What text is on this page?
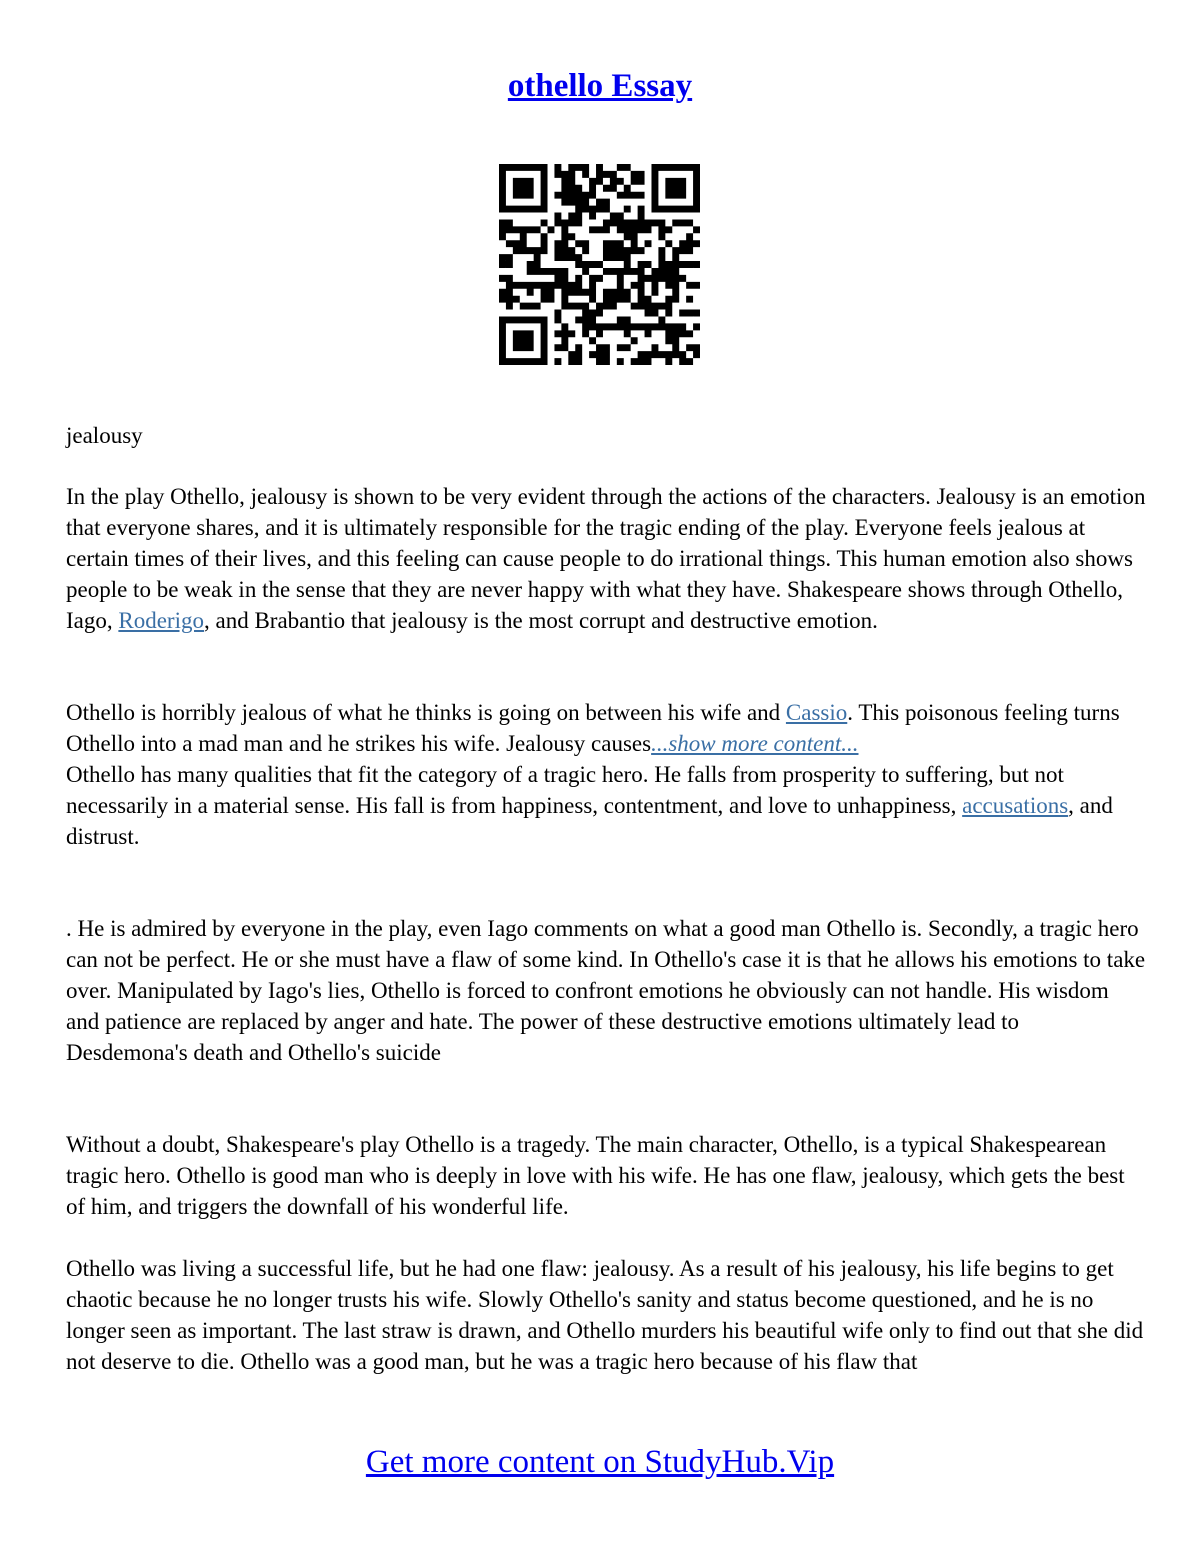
othello Essay

jealousy

In the play Othello, jealousy is shown to be very evident through the actions of the characters. Jealousy is an emotion that everyone shares, and it is ultimately responsible for the tragic ending of the play. Everyone feels jealous at certain times of their lives, and this feeling can cause people to do irrational things. This human emotion also shows people to be weak in the sense that they are never happy with what they have. Shakespeare shows through Othello, Iago, Roderigo, and Brabantio that jealousy is the most corrupt and destructive emotion.

Othello is horribly jealous of what he thinks is going on between his wife and Cassio. This poisonous feeling turns Othello into a mad man and he strikes his wife. Jealousy causes...show more content...

Othello has many qualities that fit the category of a tragic hero. He falls from prosperity to suffering, but not necessarily in a material sense. His fall is from happiness, contentment, and love to unhappiness, accusations, and distrust.

. He is admired by everyone in the play, even Iago comments on what a good man Othello is. Secondly, a tragic hero can not be perfect. He or she must have a flaw of some kind. In Othello's case it is that he allows his emotions to take over. Manipulated by Iago's lies, Othello is forced to confront emotions he obviously can not handle. His wisdom and patience are replaced by anger and hate. The power of these destructive emotions ultimately lead to Desdemona's death and Othello's suicide

Without a doubt, Shakespeare's play Othello is a tragedy. The main character, Othello, is a typical Shakespearean tragic hero. Othello is good man who is deeply in love with his wife. He has one flaw, jealousy, which gets the best of him, and triggers the downfall of his wonderful life.

Othello was living a successful life, but he had one flaw: jealousy. As a result of his jealousy, his life begins to get chaotic because he no longer trusts his wife. Slowly Othello's sanity and status become questioned, and he is no longer seen as important. The last straw is drawn, and Othello murders his beautiful wife only to find out that she did not deserve to die. Othello was a good man, but he was a tragic hero because of his flaw that

Get more content on StudyHub.Vip
